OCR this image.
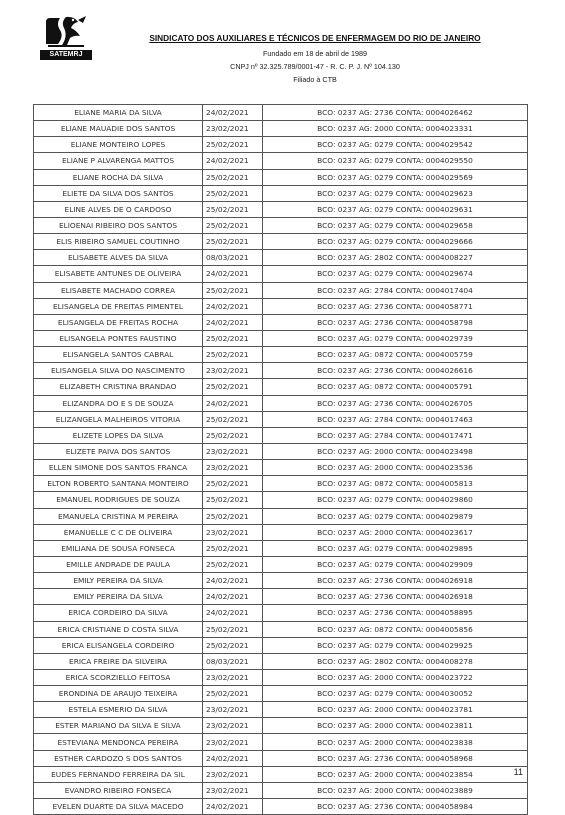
SATEMRJ
SINDICATO DOS AUXILIARES E TÉCNICOS DE ENFERMAGEM DO RIO DE JANEIRO
Fundado em 18 de abril de 1989
CNPJ nº 32.325.789/0001-47 - R. C. P. J. Nº 104.130
Filiado à CTB
ELIANE MARIA DA SILVA	24/02/2021	BCO: 0237 AG: 2736 CONTA: 0004026462
ELIANE MAUADIE DOS SANTOS	23/02/2021	BCO: 0237 AG: 2000 CONTA: 0004023331
ELIANE MONTEIRO LOPES	25/02/2021	BCO: 0237 AG: 0279 CONTA: 0004029542
ELIANE P ALVARENGA MATTOS	24/02/2021	BCO: 0237 AG: 0279 CONTA: 0004029550
ELIANE ROCHA DA SILVA	25/02/2021	BCO: 0237 AG: 0279 CONTA: 0004029569
ELIETE DA SILVA DOS SANTOS	25/02/2021	BCO: 0237 AG: 0279 CONTA: 0004029623
ELINE ALVES DE O CARDOSO	25/02/2021	BCO: 0237 AG: 0279 CONTA: 0004029631
ELIOENAI RIBEIRO DOS SANTOS	25/02/2021	BCO: 0237 AG: 0279 CONTA: 0004029658
ELIS RIBEIRO SAMUEL COUTINHO	25/02/2021	BCO: 0237 AG: 0279 CONTA: 0004029666
ELISABETE ALVES DA SILVA	08/03/2021	BCO: 0237 AG: 2802 CONTA: 0004008227
ELISABETE ANTUNES DE OLIVEIRA	24/02/2021	BCO: 0237 AG: 0279 CONTA: 0004029674
ELISABETE MACHADO CORREA	25/02/2021	BCO: 0237 AG: 2784 CONTA: 0004017404
ELISANGELA DE FREITAS PIMENTEL	24/02/2021	BCO: 0237 AG: 2736 CONTA: 0004058771
ELISANGELA DE FREITAS ROCHA	24/02/2021	BCO: 0237 AG: 2736 CONTA: 0004058798
ELISANGELA PONTES FAUSTINO	25/02/2021	BCO: 0237 AG: 0279 CONTA: 0004029739
ELISANGELA SANTOS CABRAL	25/02/2021	BCO: 0237 AG: 0872 CONTA: 0004005759
ELISANGELA SILVA DO NASCIMENTO	23/02/2021	BCO: 0237 AG: 2736 CONTA: 0004026616
ELIZABETH CRISTINA BRANDAO	25/02/2021	BCO: 0237 AG: 0872 CONTA: 0004005791
ELIZANDRA DO E S DE SOUZA	24/02/2021	BCO: 0237 AG: 2736 CONTA: 0004026705
ELIZANGELA MALHEIROS VITORIA	25/02/2021	BCO: 0237 AG: 2784 CONTA: 0004017463
ELIZETE LOPES DA SILVA	25/02/2021	BCO: 0237 AG: 2784 CONTA: 0004017471
ELIZETE PAIVA DOS SANTOS	23/02/2021	BCO: 0237 AG: 2000 CONTA: 0004023498
ELLEN SIMONE DOS SANTOS FRANCA	23/02/2021	BCO: 0237 AG: 2000 CONTA: 0004023536
ELTON ROBERTO SANTANA MONTEIRO	25/02/2021	BCO: 0237 AG: 0872 CONTA: 0004005813
EMANUEL RODRIGUES DE SOUZA	25/02/2021	BCO: 0237 AG: 0279 CONTA: 0004029860
EMANUELA CRISTINA M PEREIRA	25/02/2021	BCO: 0237 AG: 0279 CONTA: 0004029879
EMANUELLE C C DE OLIVEIRA	23/02/2021	BCO: 0237 AG: 2000 CONTA: 0004023617
EMILIANA DE SOUSA FONSECA	25/02/2021	BCO: 0237 AG: 0279 CONTA: 0004029895
EMILLE ANDRADE DE PAULA	25/02/2021	BCO: 0237 AG: 0279 CONTA: 0004029909
EMILY PEREIRA DA SILVA	24/02/2021	BCO: 0237 AG: 2736 CONTA: 0004026918
EMILY PEREIRA DA SILVA	24/02/2021	BCO: 0237 AG: 2736 CONTA: 0004026918
ERICA CORDEIRO DA SILVA	24/02/2021	BCO: 0237 AG: 2736 CONTA: 0004058895
ERICA CRISTIANE D COSTA SILVA	25/02/2021	BCO: 0237 AG: 0872 CONTA: 0004005856
ERICA ELISANGELA CORDEIRO	25/02/2021	BCO: 0237 AG: 0279 CONTA: 0004029925
ERICA FREIRE DA SILVEIRA	08/03/2021	BCO: 0237 AG: 2802 CONTA: 0004008278
ERICA SCORZIELLO FEITOSA	23/02/2021	BCO: 0237 AG: 2000 CONTA: 0004023722
ERONDINA DE ARAUJO TEIXEIRA	25/02/2021	BCO: 0237 AG: 0279 CONTA: 0004030052
ESTELA ESMERIO DA SILVA	23/02/2021	BCO: 0237 AG: 2000 CONTA: 0004023781
ESTER MARIANO DA SILVA E SILVA	23/02/2021	BCO: 0237 AG: 2000 CONTA: 0004023811
ESTEVIANA MENDONCA PEREIRA	23/02/2021	BCO: 0237 AG: 2000 CONTA: 0004023838
ESTHER CARDOZO S DOS SANTOS	24/02/2021	BCO: 0237 AG: 2736 CONTA: 0004058968
EUDES FERNANDO FERREIRA DA SIL	23/02/2021	BCO: 0237 AG: 2000 CONTA: 0004023854
EVANDRO RIBEIRO FONSECA	23/02/2021	BCO: 0237 AG: 2000 CONTA: 0004023889
EVELEN DUARTE DA SILVA MACEDO	24/02/2021	BCO: 0237 AG: 2736 CONTA: 0004058984
11
